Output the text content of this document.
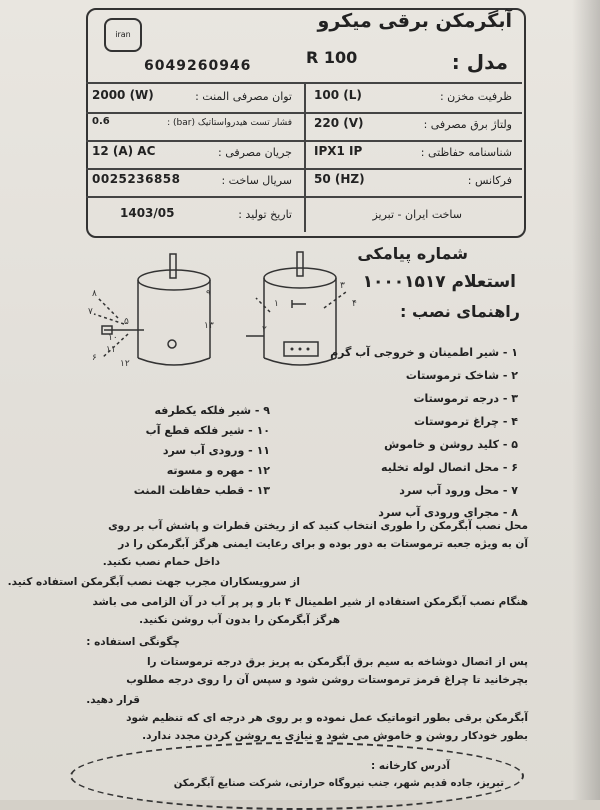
iran
آبگرمکن برقی میکرو
مدل :
R 100
6049260946
ظرفیت مخزن :
100 (L)
توان مصرفی المنت :
2000 (W)
ولتاژ برق مصرفی :
220 (V)
فشار تست هیدرواستاتیک (bar) :
0.6
شناسنامه حفاظتی :
IPX1 IP
جریان مصرفی :
12 (A) AC
فرکانس :
50 (HZ)
سریال ساخت :
0025236858
ساخت ایران - تبریز
تاریخ تولید :
1403/05
۸
۷
۶
۵
۹
۱
۲
۳
۴
۱۰
۱۱
۱۲
۱۳
شماره پیامکی
استعلام ۱۰۰۰۱۵۱۷
راهنمای نصب :
۱ - شیر اطمینان و خروجی آب گرم
۲ - شاخک ترموستات
۳ - درجه ترموستات
۴ - چراغ ترموستات
۵ - کلید روشن و خاموش
۶ - محل اتصال لوله تخلیه
۷ - محل ورود آب سرد
۸ - مجرای ورودی آب سرد
۹ - شیر فلکه یکطرفه
۱۰ - شیر فلکه قطع آب
۱۱ - ورودی آب سرد
۱۲ - مهره و مسوته
۱۳ - قطب حفاظت المنت
محل نصب آبگرمکن را طوری انتخاب کنید که از ریختن قطرات و پاشش آب بر روی
آن به ویژه جعبه ترموستات به دور بوده و برای رعایت ایمنی هرگز آبگرمکن را در
داخل حمام نصب نکنید.
از سرویسکاران مجرب جهت نصب آبگرمکن استفاده کنید.
هنگام نصب آبگرمکن استفاده از شیر اطمینال ۴ بار و پر پر آب در آن الزامی می باشد
هرگز آبگرمکن را بدون آب روشن نکنید.
چگونگی استفاده :
پس از اتصال دوشاخه به سیم برق آبگرمکن به پریز برق درجه ترموستات را
بچرخانید تا چراغ قرمز ترموستات روشن شود و سپس آن را روی درجه مطلوب
قرار دهید.
آبگرمکن برقی بطور اتوماتیک عمل نموده و بر روی هر درجه ای که تنظیم شود
بطور خودکار روشن و خاموش می شود و نیازی به روشن کردن مجدد ندارد.
آدرس کارخانه :
تبریز، جاده قدیم شهر، جنب نیروگاه حرارتی، شرکت صنایع آبگرمکن
